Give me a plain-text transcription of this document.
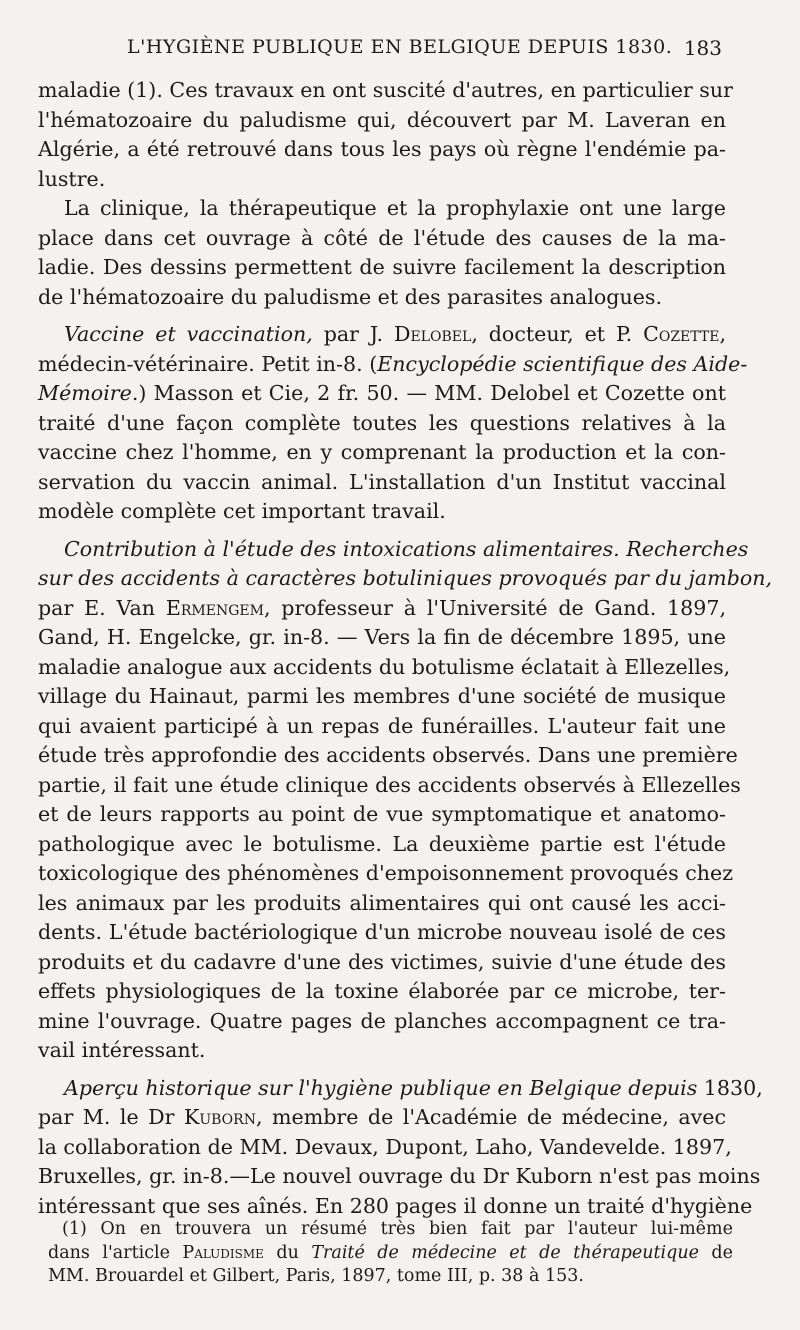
L'HYGIÈNE PUBLIQUE EN BELGIQUE DEPUIS 1830. 183
maladie (1). Ces travaux en ont suscité d'autres, en particulier sur
l'hématozoaire du paludisme qui, découvert par M. Laveran en
Algérie, a été retrouvé dans tous les pays où règne l'endémie pa-
lustre.
La clinique, la thérapeutique et la prophylaxie ont une large
place dans cet ouvrage à côté de l'étude des causes de la ma-
ladie. Des dessins permettent de suivre facilement la description
de l'hématozoaire du paludisme et des parasites analogues.
Vaccine et vaccination, par J. Delobel, docteur, et P. Cozette,
médecin-vétérinaire. Petit in-8. (Encyclopédie scientifique des Aide-
Mémoire.) Masson et Cie, 2 fr. 50. — MM. Delobel et Cozette ont
traité d'une façon complète toutes les questions relatives à la
vaccine chez l'homme, en y comprenant la production et la con-
servation du vaccin animal. L'installation d'un Institut vaccinal
modèle complète cet important travail.
Contribution à l'étude des intoxications alimentaires. Recherches
sur des accidents à caractères botuliniques provoqués par du jambon,
par E. Van Ermengem, professeur à l'Université de Gand. 1897,
Gand, H. Engelcke, gr. in-8. — Vers la fin de décembre 1895, une
maladie analogue aux accidents du botulisme éclatait à Ellezelles,
village du Hainaut, parmi les membres d'une société de musique
qui avaient participé à un repas de funérailles. L'auteur fait une
étude très approfondie des accidents observés. Dans une première
partie, il fait une étude clinique des accidents observés à Ellezelles
et de leurs rapports au point de vue symptomatique et anatomo-
pathologique avec le botulisme. La deuxième partie est l'étude
toxicologique des phénomènes d'empoisonnement provoqués chez
les animaux par les produits alimentaires qui ont causé les acci-
dents. L'étude bactériologique d'un microbe nouveau isolé de ces
produits et du cadavre d'une des victimes, suivie d'une étude des
effets physiologiques de la toxine élaborée par ce microbe, ter-
mine l'ouvrage. Quatre pages de planches accompagnent ce tra-
vail intéressant.
Aperçu historique sur l'hygiène publique en Belgique depuis 1830,
par M. le Dr Kuborn, membre de l'Académie de médecine, avec
la collaboration de MM. Devaux, Dupont, Laho, Vandevelde. 1897,
Bruxelles, gr. in-8.—Le nouvel ouvrage du Dr Kuborn n'est pas moins
intéressant que ses aînés. En 280 pages il donne un traité d'hygiène
(1) On en trouvera un résumé très bien fait par l'auteur lui-même
dans l'article Paludisme du Traité de médecine et de thérapeutique de
MM. Brouardel et Gilbert, Paris, 1897, tome III, p. 38 à 153.
